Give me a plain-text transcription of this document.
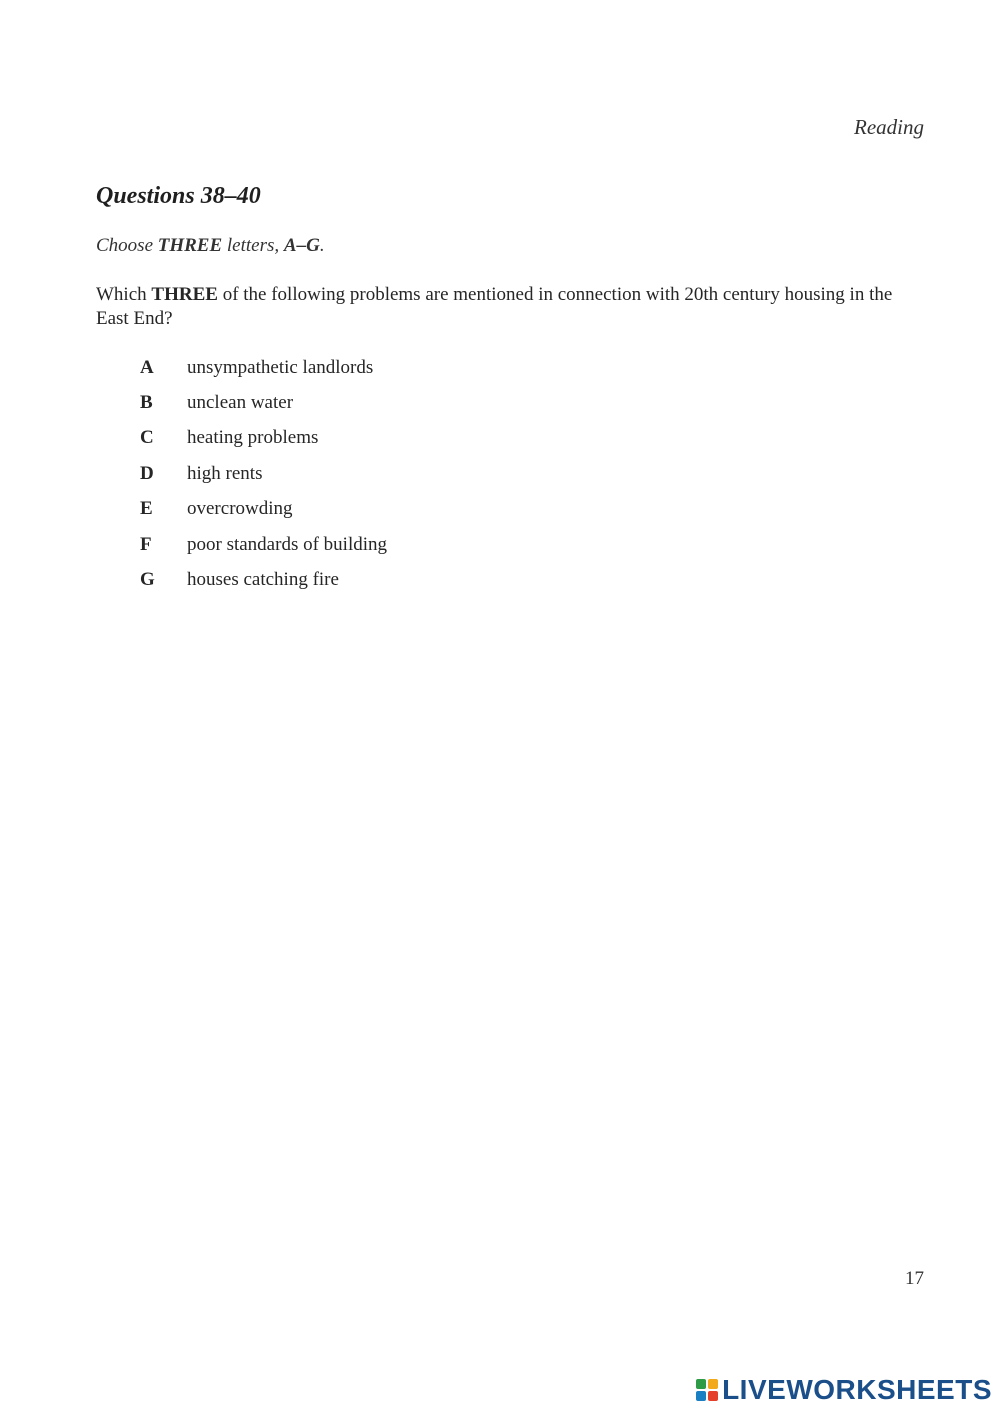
Reading
Questions 38–40
Choose THREE letters, A–G.
Which THREE of the following problems are mentioned in connection with 20th century housing in the East End?
A	unsympathetic landlords
B	unclean water
C	heating problems
D	high rents
E	overcrowding
F	poor standards of building
G	houses catching fire
17
LIVEWORKSHEETS
